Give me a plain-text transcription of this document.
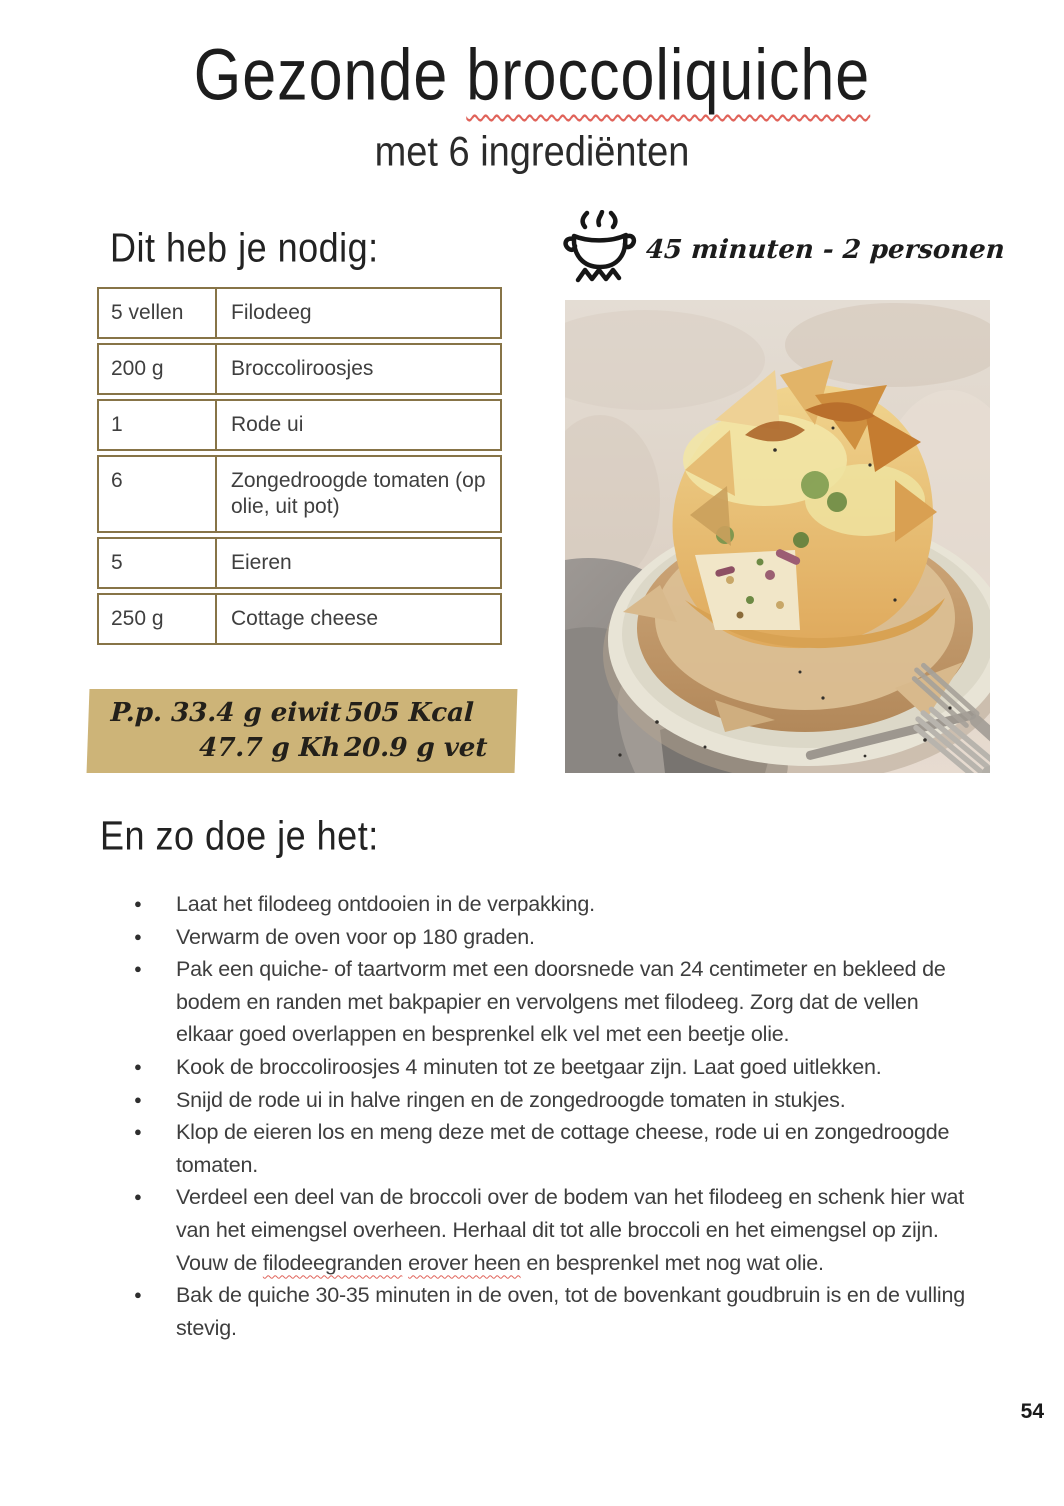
Gezonde broccoliquiche
met 6 ingrediënten
Dit heb je nodig:
5 vellen	Filodeeg
200 g	Broccoliroosjes
1	Rode ui
6	Zongedroogde tomaten (op olie, uit pot)
5	Eieren
250 g	Cottage cheese
P.p. 33.4 g eiwit
47.7 g Kh
505 Kcal
20.9 g vet
45 minuten - 2 personen
En zo doe je het:
● Laat het filodeeg ontdooien in de verpakking.
● Verwarm de oven voor op 180 graden.
● Pak een quiche- of taartvorm met een doorsnede van 24 centimeter en bekleed de bodem en randen met bakpapier en vervolgens met filodeeg. Zorg dat de vellen elkaar goed overlappen en besprenkel elk vel met een beetje olie.
● Kook de broccoliroosjes 4 minuten tot ze beetgaar zijn. Laat goed uitlekken.
● Snijd de rode ui in halve ringen en de zongedroogde tomaten in stukjes.
● Klop de eieren los en meng deze met de cottage cheese, rode ui en zongedroogde tomaten.
● Verdeel een deel van de broccoli over de bodem van het filodeeg en schenk hier wat van het eimengsel overheen. Herhaal dit tot alle broccoli en het eimengsel op zijn. Vouw de filodeegranden erover heen en besprenkel met nog wat olie.
● Bak de quiche 30-35 minuten in de oven, tot de bovenkant goudbruin is en de vulling stevig.
54
